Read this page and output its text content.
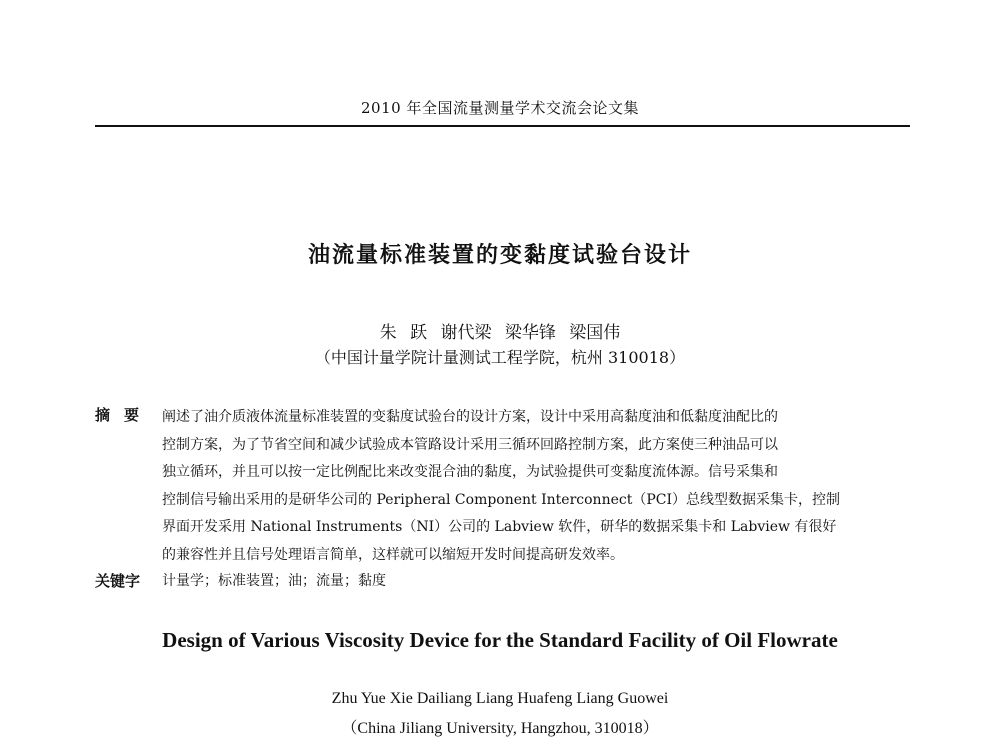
2010 年全国流量测量学术交流会论文集
油流量标准装置的变黏度试验台设计
朱 跃 谢代梁 梁华锋 梁国伟
（中国计量学院计量测试工程学院，杭州 310018）
摘要 阐述了油介质液体流量标准装置的变黏度试验台的设计方案，设计中采用高黏度油和低黏度油配比的

控制方案，为了节省空间和减少试验成本管路设计采用三循环回路控制方案，此方案使三种油品可以

独立循环，并且可以按一定比例配比来改变混合油的黏度，为试验提供可变黏度流体源。信号采集和

控制信号输出采用的是研华公司的 Peripheral Component Interconnect（PCI）总线型数据采集卡，控制

界面开发采用 National Instruments（NI）公司的 Labview 软件，研华的数据采集卡和 Labview 有很好

的兼容性并且信号处理语言简单，这样就可以缩短开发时间提高研发效率。

关键字 计量学；标准装置；油；流量；黏度
Design of Various Viscosity Device for the Standard Facility of Oil Flowrate
Zhu Yue Xie Dailiang Liang Huafeng Liang Guowei
（China Jiliang University, Hangzhou, 310018）
